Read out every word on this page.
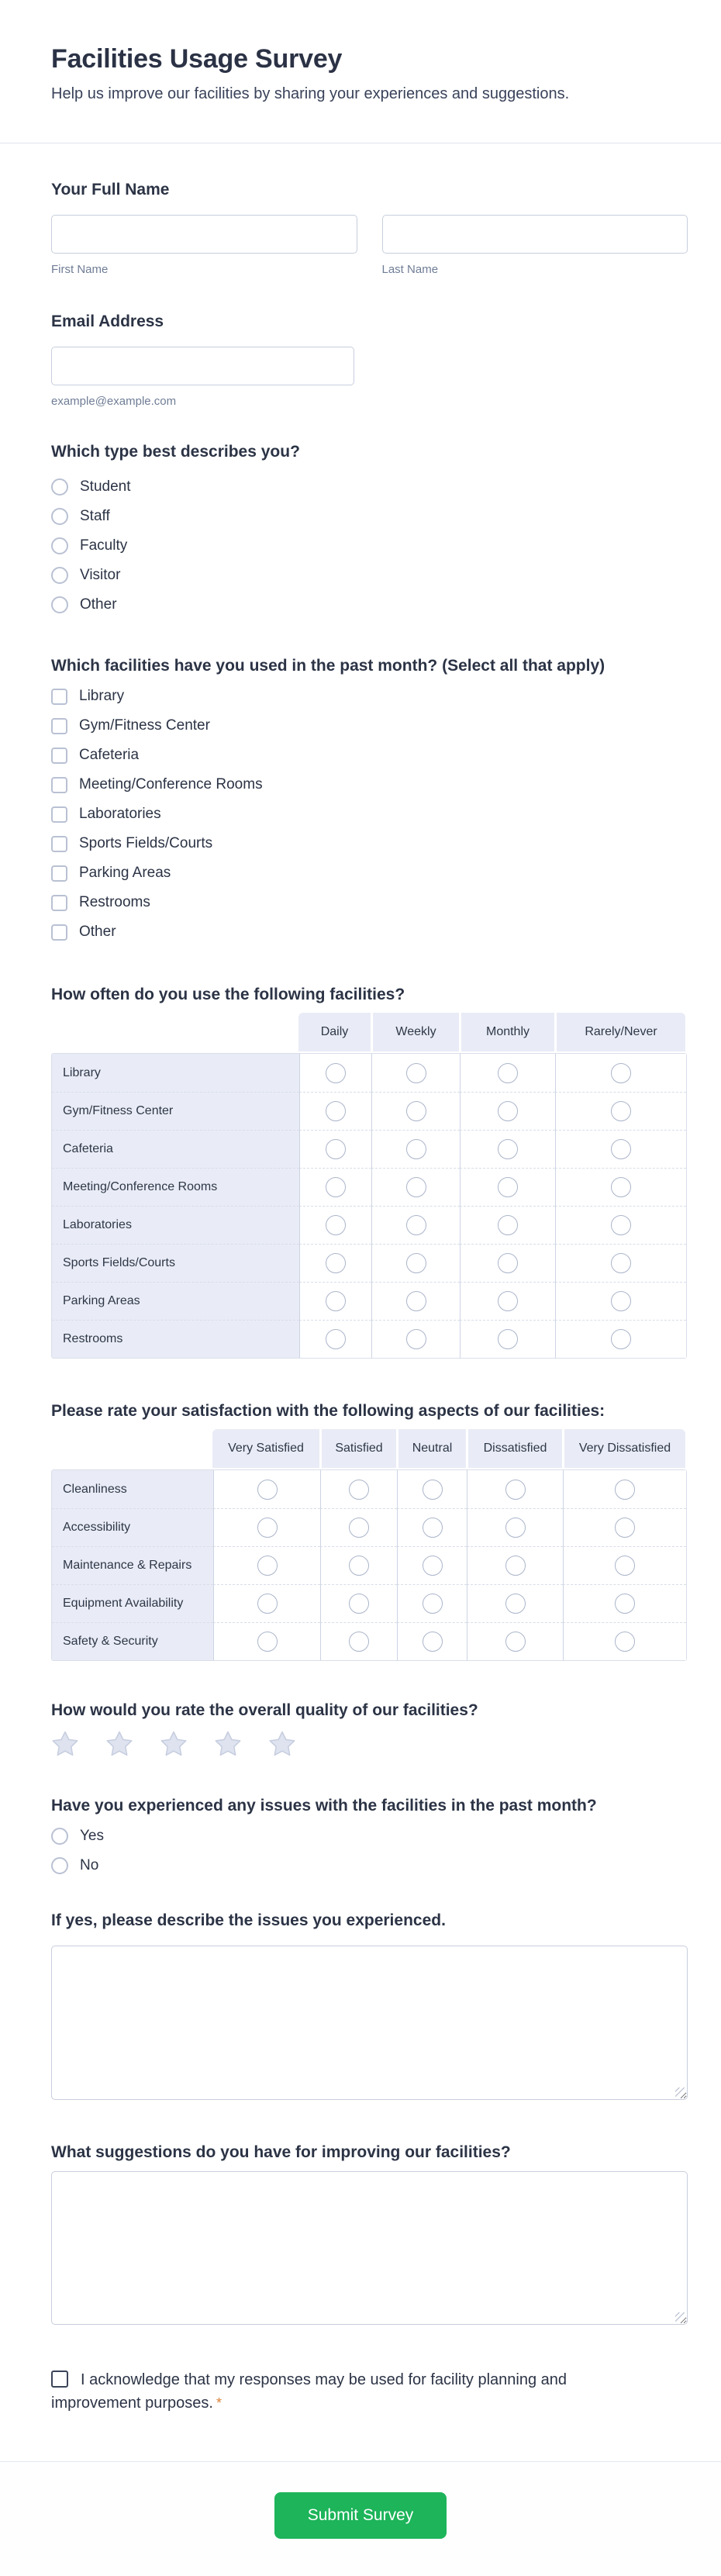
Facilities Usage Survey

Help us improve our facilities by sharing your experiences and suggestions.

Your Full Name
First Name	Last Name
Email Address
example@example.com
Which type best describes you?
Student
Staff
Faculty
Visitor
Other
Which facilities have you used in the past month? (Select all that apply)
Library
Gym/Fitness Center
Cafeteria
Meeting/Conference Rooms
Laboratories
Sports Fields/Courts
Parking Areas
Restrooms
Other
How often do you use the following facilities?
Daily	Weekly	Monthly	Rarely/Never
Library
Gym/Fitness Center
Cafeteria
Meeting/Conference Rooms
Laboratories
Sports Fields/Courts
Parking Areas
Restrooms
Please rate your satisfaction with the following aspects of our facilities:
Very Satisfied	Satisfied	Neutral	Dissatisfied	Very Dissatisfied
Cleanliness
Accessibility
Maintenance & Repairs
Equipment Availability
Safety & Security
How would you rate the overall quality of our facilities?
Have you experienced any issues with the facilities in the past month?
Yes
No
If yes, please describe the issues you experienced.
What suggestions do you have for improving our facilities?
I acknowledge that my responses may be used for facility planning and improvement purposes. *
Submit Survey
